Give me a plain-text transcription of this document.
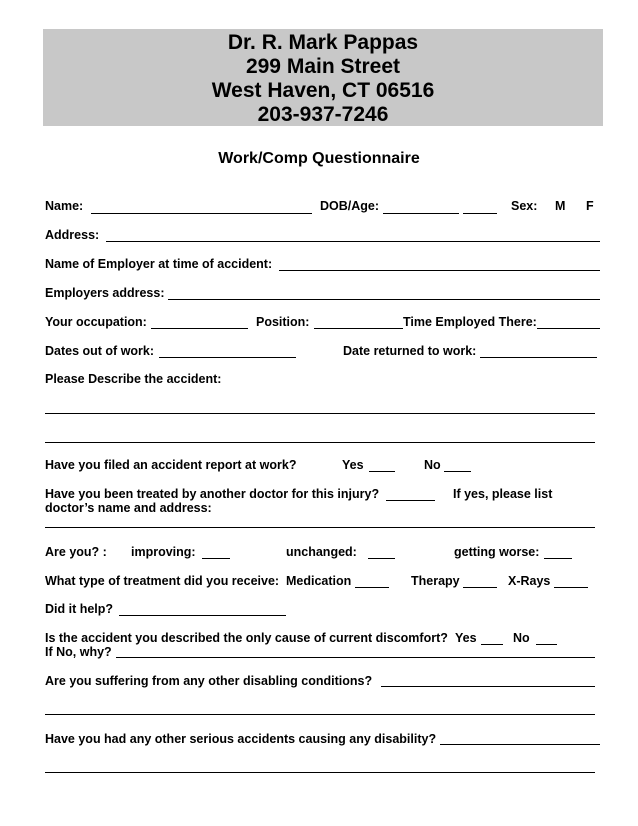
Dr. R. Mark Pappas
299 Main Street
West Haven, CT 06516
203-937-7246
Work/Comp Questionnaire
Name:	DOB/Age:	Sex: M F
Address:
Name of Employer at time of accident:
Employers address:
Your occupation:	Position:	Time Employed There:
Dates out of work:	Date returned to work:
Please Describe the accident:
Have you filed an accident report at work?	Yes	No
Have you been treated by another doctor for this injury?	If yes, please list
doctor’s name and address:
Are you? : improving:	unchanged:	getting worse:
What type of treatment did you receive: Medication	Therapy	X-Rays
Did it help?
Is the accident you described the only cause of current discomfort? Yes	No
If No, why?
Are you suffering from any other disabling conditions?
Have you had any other serious accidents causing any disability?
